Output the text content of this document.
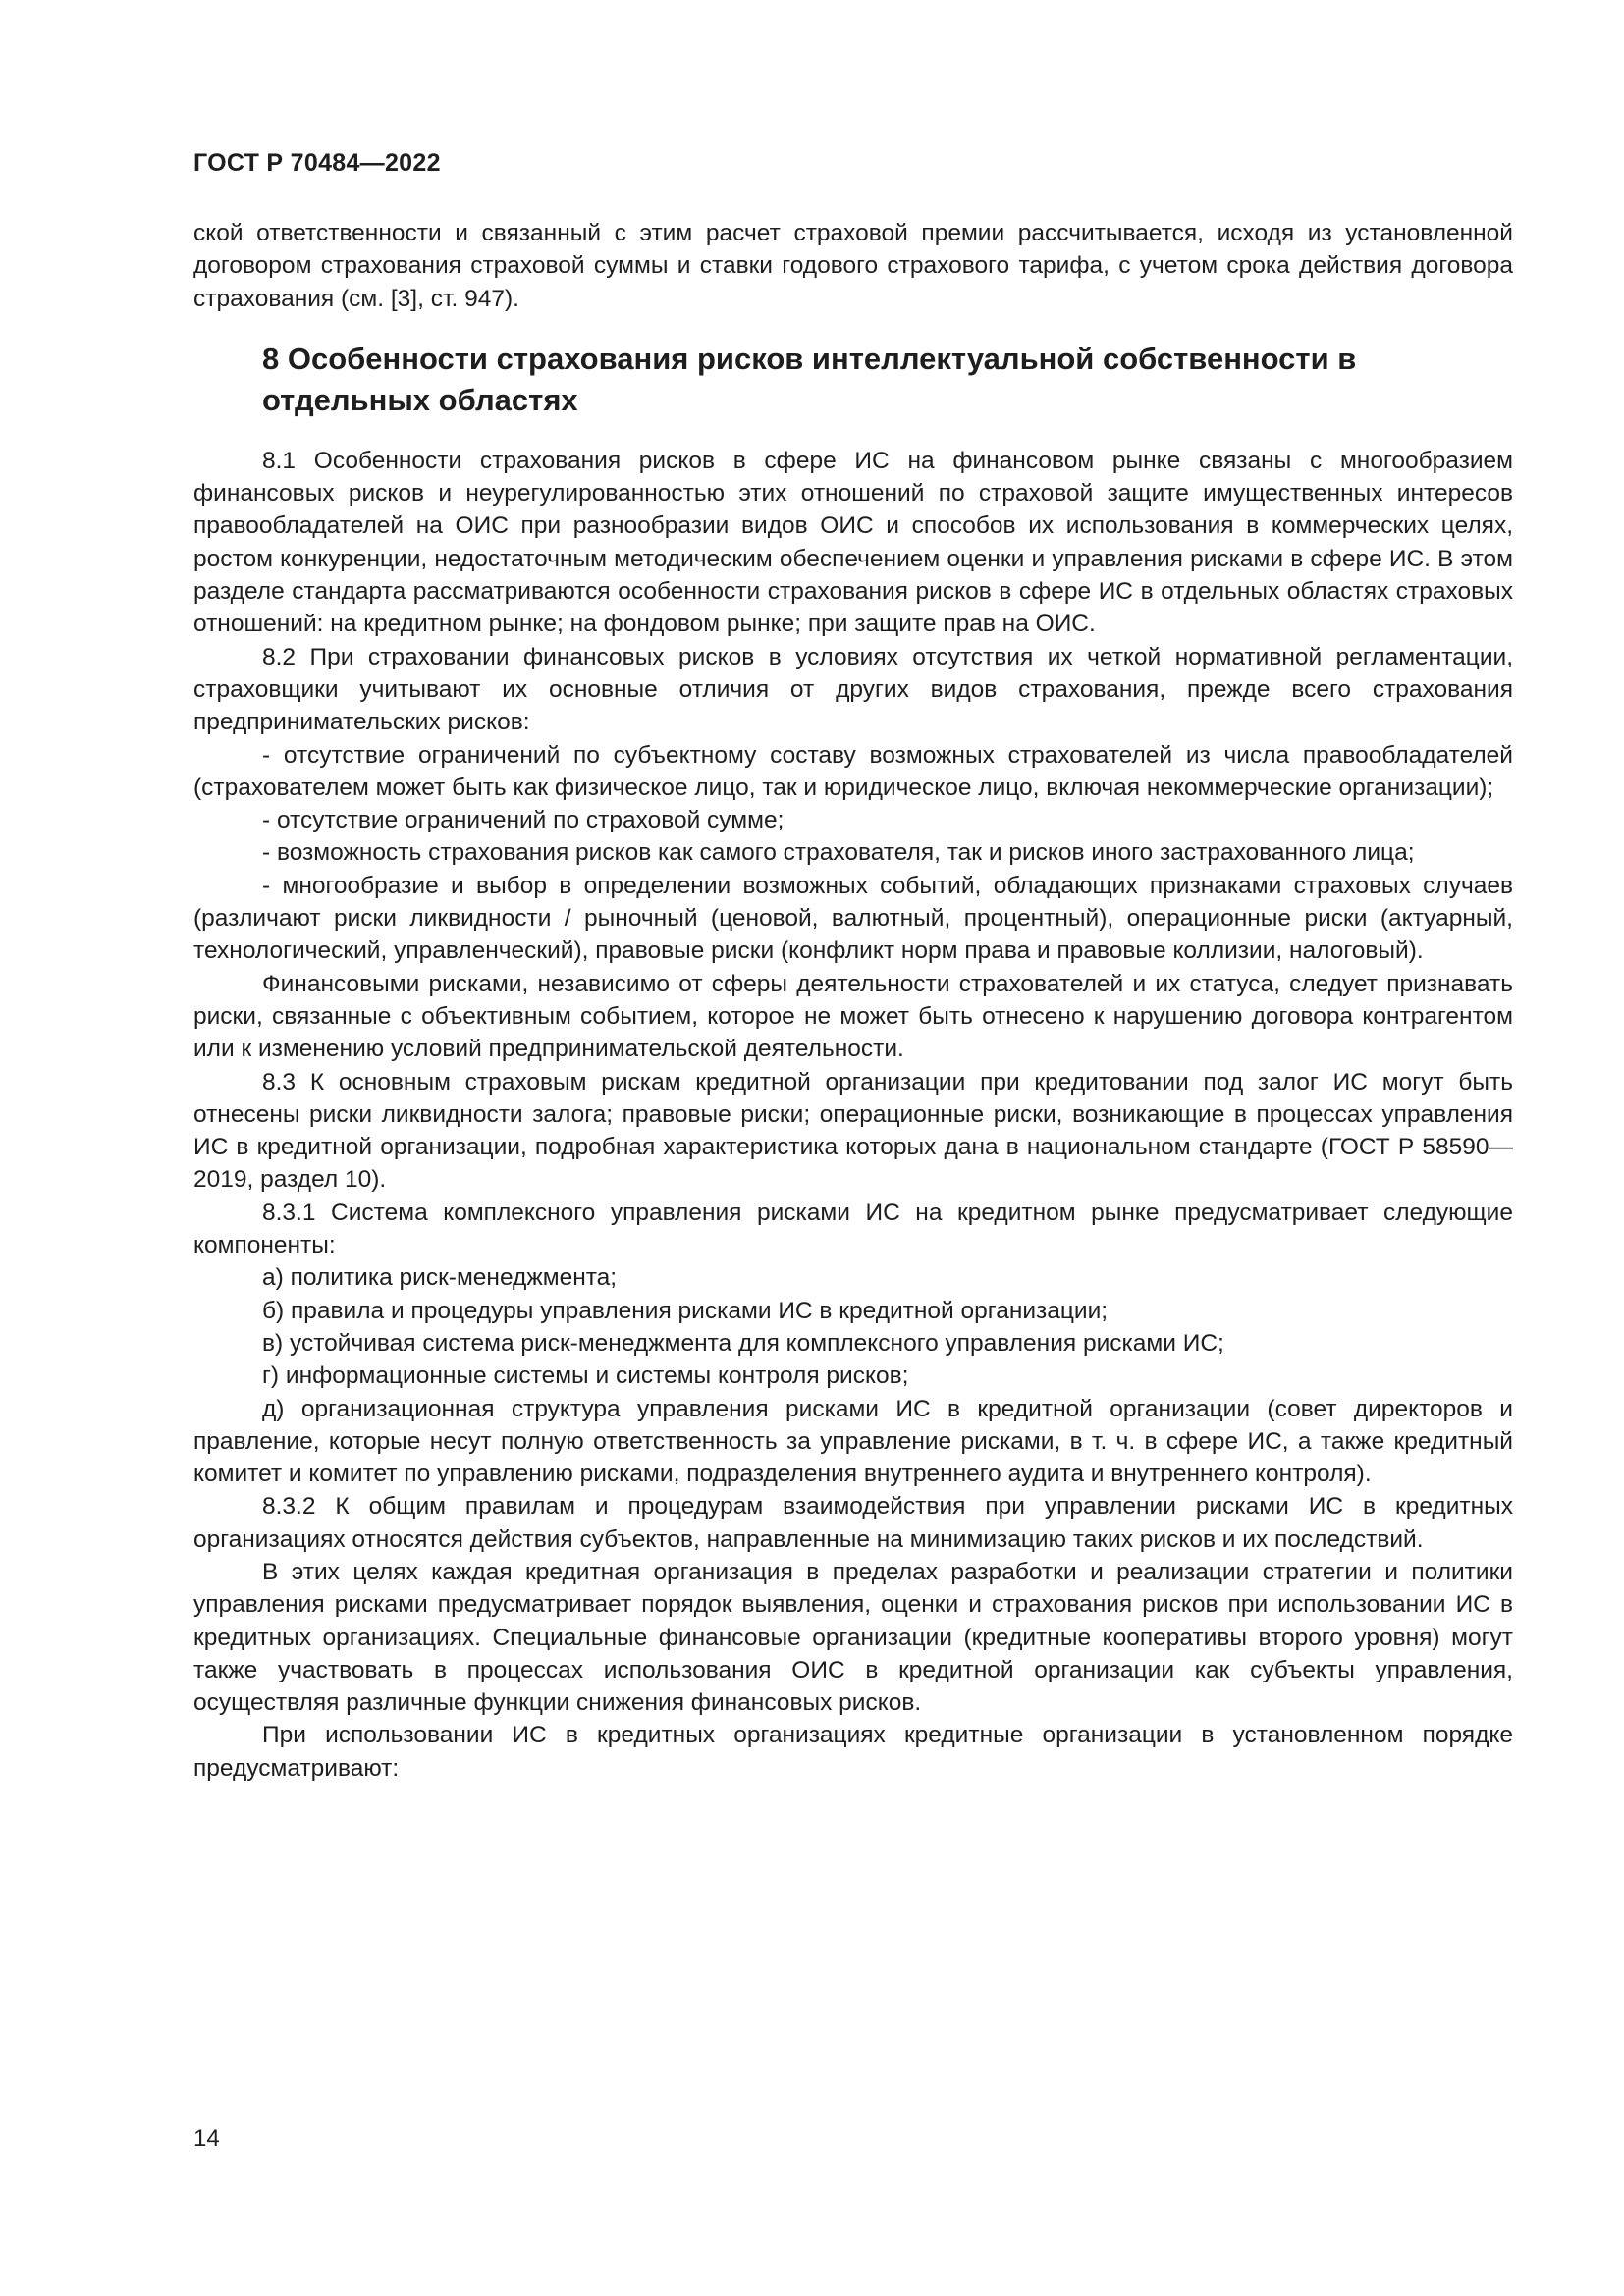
ГОСТ Р 70484—2022

ской ответственности и связанный с этим расчет страховой премии рассчитывается, исходя из установленной договором страхования страховой суммы и ставки годового страхового тарифа, с учетом срока действия договора страхования (см. [3], ст. 947).

8 Особенности страхования рисков интеллектуальной собственности в отдельных областях

8.1 Особенности страхования рисков в сфере ИС на финансовом рынке связаны с многообразием финансовых рисков и неурегулированностью этих отношений по страховой защите имущественных интересов правообладателей на ОИС при разнообразии видов ОИС и способов их использования в коммерческих целях, ростом конкуренции, недостаточным методическим обеспечением оценки и управления рисками в сфере ИС. В этом разделе стандарта рассматриваются особенности страхования рисков в сфере ИС в отдельных областях страховых отношений: на кредитном рынке; на фондовом рынке; при защите прав на ОИС.

8.2 При страховании финансовых рисков в условиях отсутствия их четкой нормативной регламентации, страховщики учитывают их основные отличия от других видов страхования, прежде всего страхования предпринимательских рисков:

- отсутствие ограничений по субъектному составу возможных страхователей из числа правообладателей (страхователем может быть как физическое лицо, так и юридическое лицо, включая некоммерческие организации);

- отсутствие ограничений по страховой сумме;

- возможность страхования рисков как самого страхователя, так и рисков иного застрахованного лица;

- многообразие и выбор в определении возможных событий, обладающих признаками страховых случаев (различают риски ликвидности / рыночный (ценовой, валютный, процентный), операционные риски (актуарный, технологический, управленческий), правовые риски (конфликт норм права и правовые коллизии, налоговый).

Финансовыми рисками, независимо от сферы деятельности страхователей и их статуса, следует признавать риски, связанные с объективным событием, которое не может быть отнесено к нарушению договора контрагентом или к изменению условий предпринимательской деятельности.

8.3 К основным страховым рискам кредитной организации при кредитовании под залог ИС могут быть отнесены риски ликвидности залога; правовые риски; операционные риски, возникающие в процессах управления ИС в кредитной организации, подробная характеристика которых дана в национальном стандарте (ГОСТ Р 58590—2019, раздел 10).

8.3.1 Система комплексного управления рисками ИС на кредитном рынке предусматривает следующие компоненты:

а) политика риск-менеджмента;

б) правила и процедуры управления рисками ИС в кредитной организации;

в) устойчивая система риск-менеджмента для комплексного управления рисками ИС;

г) информационные системы и системы контроля рисков;

д) организационная структура управления рисками ИС в кредитной организации (совет директоров и правление, которые несут полную ответственность за управление рисками, в т. ч. в сфере ИС, а также кредитный комитет и комитет по управлению рисками, подразделения внутреннего аудита и внутреннего контроля).

8.3.2 К общим правилам и процедурам взаимодействия при управлении рисками ИС в кредитных организациях относятся действия субъектов, направленные на минимизацию таких рисков и их последствий.

В этих целях каждая кредитная организация в пределах разработки и реализации стратегии и политики управления рисками предусматривает порядок выявления, оценки и страхования рисков при использовании ИС в кредитных организациях. Специальные финансовые организации (кредитные кооперативы второго уровня) могут также участвовать в процессах использования ОИС в кредитной организации как субъекты управления, осуществляя различные функции снижения финансовых рисков.

При использовании ИС в кредитных организациях кредитные организации в установленном порядке предусматривают:

14
